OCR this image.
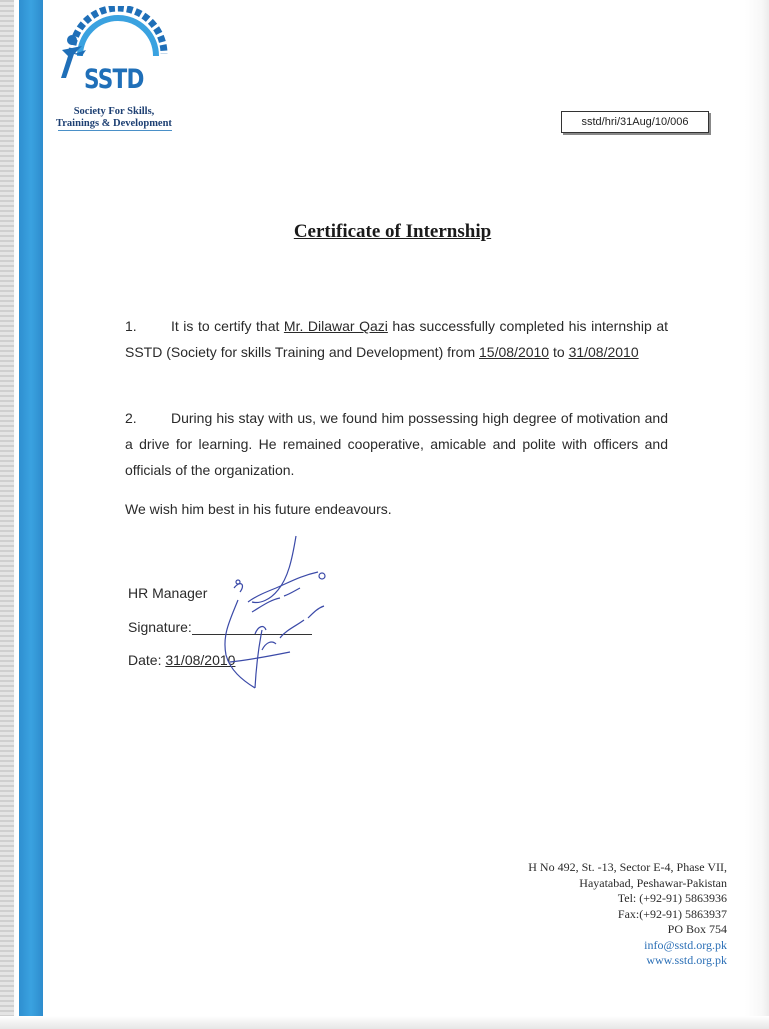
SSTD
Society For Skills,
Trainings & Development	sstd/hri/31Aug/10/006
Certificate of Internship
1. It is to certify that Mr. Dilawar Qazi has successfully completed his internship at SSTD (Society for skills Training and Development) from 15/08/2010 to 31/08/2010
2. During his stay with us, we found him possessing high degree of motivation and a drive for learning. He remained cooperative, amicable and polite with officers and officials of the organization.
We wish him best in his future endeavours.
HR Manager
Signature:
Date: 31/08/2010
H No 492, St. -13, Sector E-4, Phase VII,
Hayatabad, Peshawar-Pakistan
Tel: (+92-91) 5863936
Fax:(+92-91) 5863937
PO Box 754
info@sstd.org.pk
www.sstd.org.pk
